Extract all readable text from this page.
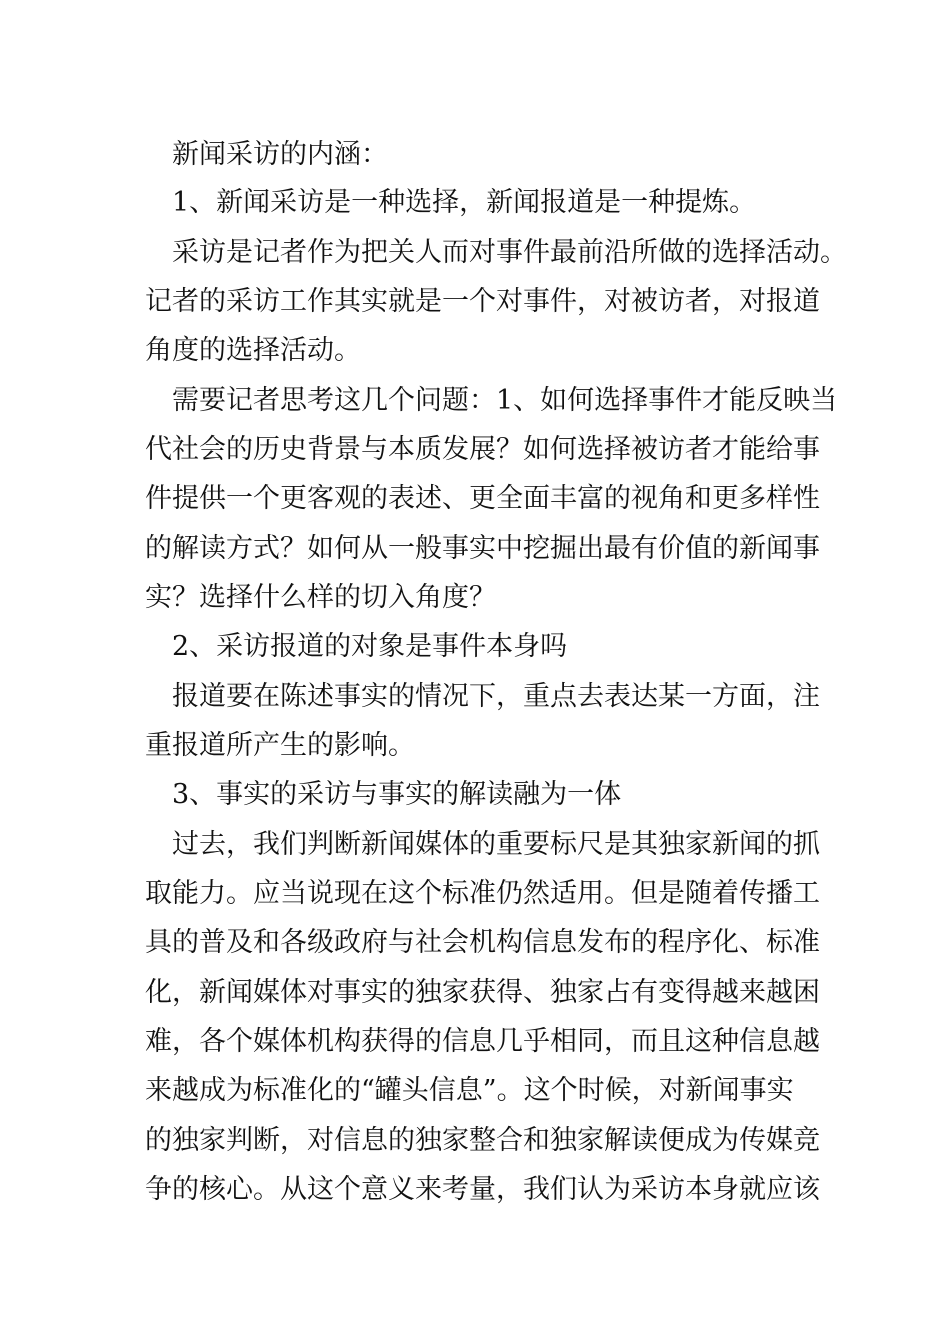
新闻采访的内涵：
1、新闻采访是一种选择，新闻报道是一种提炼。
采访是记者作为把关人而对事件最前沿所做的选择活动。
记者的采访工作其实就是一个对事件，对被访者，对报道
角度的选择活动。
需要记者思考这几个问题：1、如何选择事件才能反映当
代社会的历史背景与本质发展？如何选择被访者才能给事
件提供一个更客观的表述、更全面丰富的视角和更多样性
的解读方式？如何从一般事实中挖掘出最有价值的新闻事
实？选择什么样的切入角度？
2、采访报道的对象是事件本身吗
报道要在陈述事实的情况下，重点去表达某一方面，注
重报道所产生的影响。
3、事实的采访与事实的解读融为一体
过去，我们判断新闻媒体的重要标尺是其独家新闻的抓
取能力。应当说现在这个标准仍然适用。但是随着传播工
具的普及和各级政府与社会机构信息发布的程序化、标准
化，新闻媒体对事实的独家获得、独家占有变得越来越困
难，各个媒体机构获得的信息几乎相同，而且这种信息越
来越成为标准化的“罐头信息”。这个时候，对新闻事实
的独家判断，对信息的独家整合和独家解读便成为传媒竞
争的核心。从这个意义来考量，我们认为采访本身就应该
